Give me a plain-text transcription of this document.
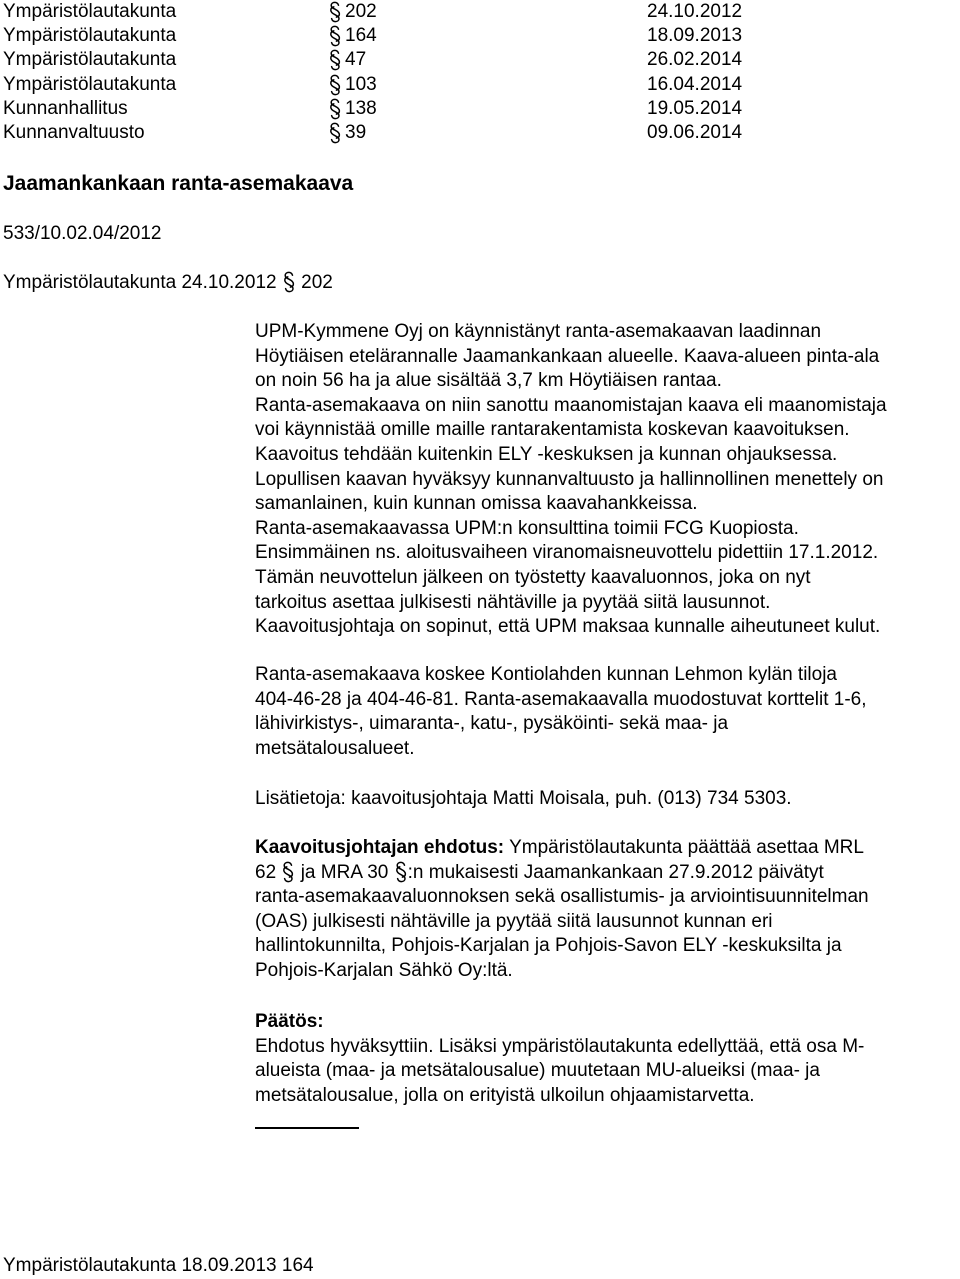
Ympäristölautakunta	202	24.10.2012
Ympäristölautakunta	164	18.09.2013
Ympäristölautakunta	47	26.02.2014
Ympäristölautakunta	103	16.04.2014
Kunnanhallitus	138	19.05.2014
Kunnanvaltuusto	39	09.06.2014
Jaamankankaan ranta-asemakaava
533/10.02.04/2012
Ympäristölautakunta 24.10.2012 202

UPM-Kymmene Oyj on käynnistänyt ranta-asemakaavan laadinnan

Höytiäisen etelärannalle Jaamankankaan alueelle. Kaava-alueen pinta-ala

on noin 56 ha ja alue sisältää 3,7 km Höytiäisen rantaa.

Ranta-asemakaava on niin sanottu maanomistajan kaava eli maanomistaja

voi käynnistää omille maille rantarakentamista koskevan kaavoituksen.

Kaavoitus tehdään kuitenkin ELY -keskuksen ja kunnan ohjauksessa.

Lopullisen kaavan hyväksyy kunnanvaltuusto ja hallinnollinen menettely on

samanlainen, kuin kunnan omissa kaavahankkeissa.

Ranta-asemakaavassa UPM:n konsulttina toimii FCG Kuopiosta.

Ensimmäinen ns. aloitusvaiheen viranomaisneuvottelu pidettiin 17.1.2012.

Tämän neuvottelun jälkeen on työstetty kaavaluonnos, joka on nyt

tarkoitus asettaa julkisesti nähtäville ja pyytää siitä lausunnot.

Kaavoitusjohtaja on sopinut, että UPM maksaa kunnalle aiheutuneet kulut.

Ranta-asemakaava koskee Kontiolahden kunnan Lehmon kylän tiloja

404-46-28 ja 404-46-81. Ranta-asemakaavalla muodostuvat korttelit 1-6,

lähivirkistys-, uimaranta-, katu-, pysäköinti- sekä maa- ja

metsätalousalueet.

Lisätietoja: kaavoitusjohtaja Matti Moisala, puh. (013) 734 5303.

Kaavoitusjohtajan ehdotus: Ympäristölautakunta päättää asettaa MRL

62
ja MRA 30
:n mukaisesti Jaamankankaan 27.9.2012 päivätyt

ranta-asemakaavaluonnoksen sekä osallistumis- ja arviointisuunnitelman

(OAS) julkisesti nähtäville ja pyytää siitä lausunnot kunnan eri

hallintokunnilta, Pohjois-Karjalan ja Pohjois-Savon ELY -keskuksilta ja

Pohjois-Karjalan Sähkö Oy:ltä.

Päätös:

Ehdotus hyväksyttiin. Lisäksi ympäristölautakunta edellyttää, että osa M-

alueista (maa- ja metsätalousalue) muutetaan MU-alueiksi (maa- ja

metsätalousalue, jolla on erityistä ulkoilun ohjaamistarvetta.

Ympäristölautakunta 18.09.2013 164
